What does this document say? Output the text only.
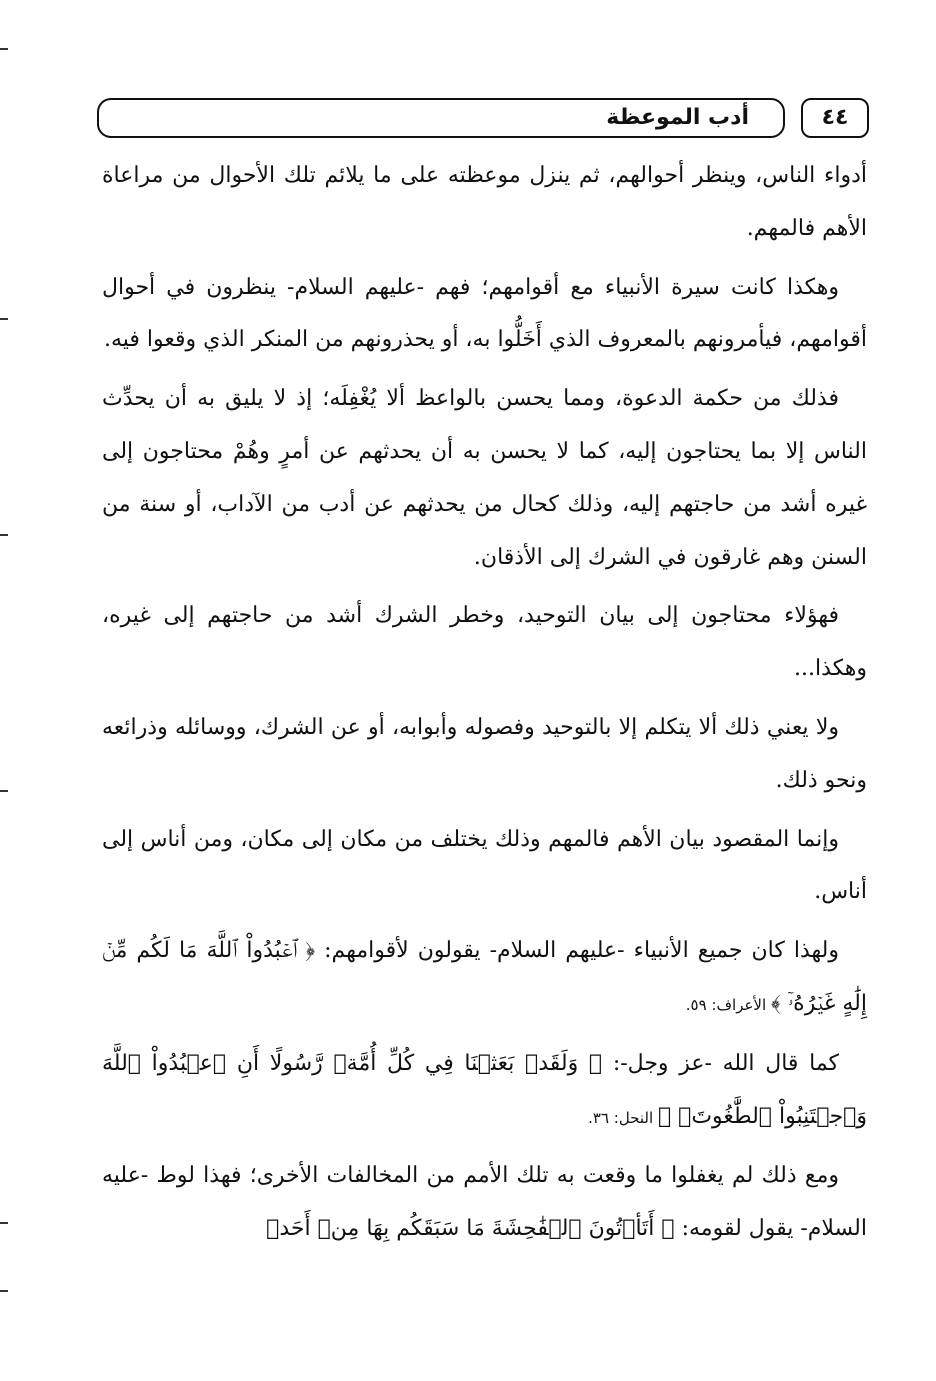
أدب الموعظة	٤٤

أدواء الناس، وينظر أحوالهم، ثم ينزل موعظته على ما يلائم تلك الأحوال من مراعاة الأهم فالمهم.

وهكذا كانت سيرة الأنبياء مع أقوامهم؛ فهم -عليهم السلام- ينظرون في أحوال أقوامهم، فيأمرونهم بالمعروف الذي أَخَلُّوا به، أو يحذرونهم من المنكر الذي وقعوا فيه.

فذلك من حكمة الدعوة، ومما يحسن بالواعظ ألا يُغْفِلَه؛ إذ لا يليق به أن يحدِّث الناس إلا بما يحتاجون إليه، كما لا يحسن به أن يحدثهم عن أمرٍ وهُمْ محتاجون إلى غيره أشد من حاجتهم إليه، وذلك كحال من يحدثهم عن أدب من الآداب، أو سنة من السنن وهم غارقون في الشرك إلى الأذقان.

فهؤلاء محتاجون إلى بيان التوحيد، وخطر الشرك أشد من حاجتهم إلى غيره، وهكذا...

ولا يعني ذلك ألا يتكلم إلا بالتوحيد وفصوله وأبوابه، أو عن الشرك، ووسائله وذرائعه ونحو ذلك.

وإنما المقصود بيان الأهم فالمهم وذلك يختلف من مكان إلى مكان، ومن أناس إلى أناس.

ولهذا كان جميع الأنبياء -عليهم السلام- يقولون لأقوامهم: ﴿ ٱعۡبُدُواْ ٱللَّهَ مَا لَكُم مِّنۡ إِلَٰهٍ غَيۡرُهُۥٓ ﴾ الأعراف: ٥٩.

كما قال الله -عز وجل-: ﴿ وَلَقَدۡ بَعَثۡنَا فِي كُلِّ أُمَّةٖ رَّسُولًا أَنِ ٱعۡبُدُواْ ٱللَّهَ وَٱجۡتَنِبُواْ ٱلطَّٰغُوتَۖ ﴾ النحل: ٣٦.

ومع ذلك لم يغفلوا ما وقعت به تلك الأمم من المخالفات الأخرى؛ فهذا لوط -عليه السلام- يقول لقومه: ﴿ أَتَأۡتُونَ ٱلۡفَٰحِشَةَ مَا سَبَقَكُم بِهَا مِنۡ أَحَدٖ
